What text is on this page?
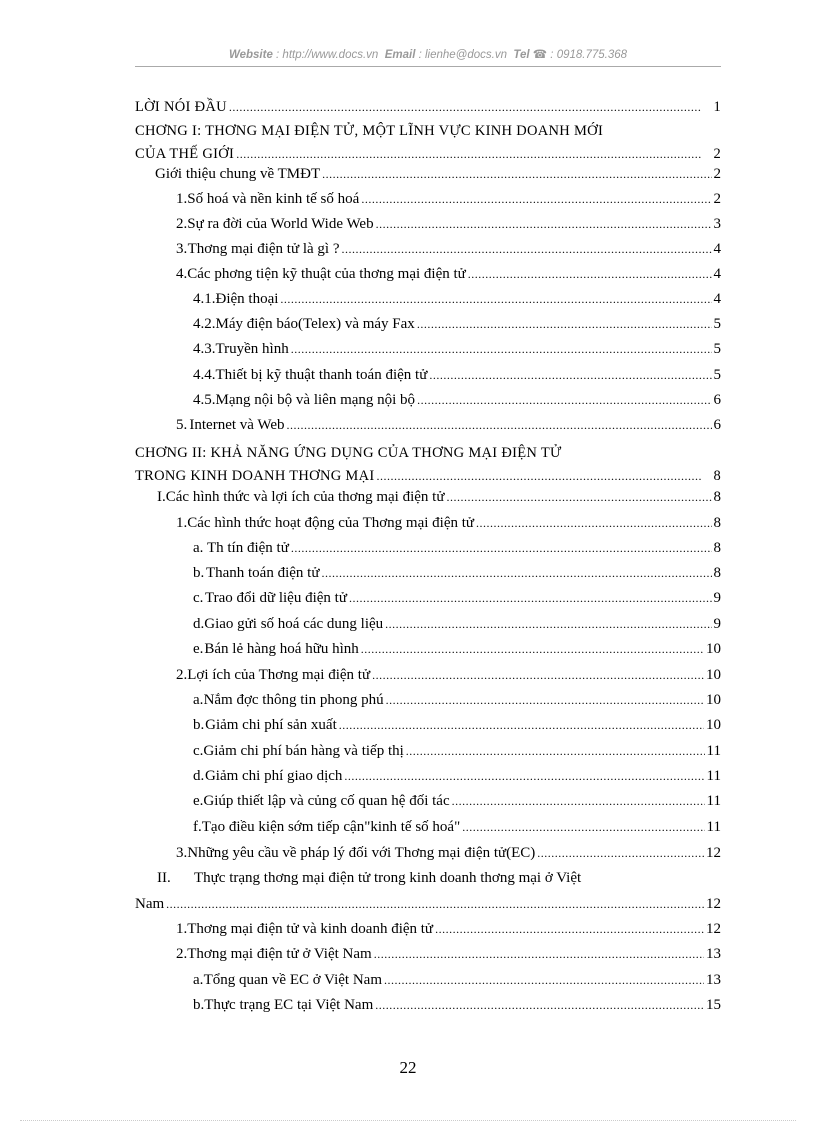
Website : http://www.docs.vn Email : lienhe@docs.vn Tel ☎ : 0918.775.368
LỜI NÓI ĐẦU .....	1
CHƠNG I: THƠNG MẠI ĐIỆN TỬ, MỘT LĨNH VỰC KINH DOANH MỚI
CỦA THẾ GIỚI .....	2
Giới thiệu chung về TMĐT .....	2
1. Số hoá và nền kinh tế số hoá .....	2
2. Sự ra đời của World Wide Web .....	3
3. Thơng mại điện tử là gì ? .....	4
4. Các phơng tiện kỹ thuật của thơng mại điện tử .....	4
4.1. Điện thoại .....	4
4.2. Máy điện báo(Telex) và máy Fax .....	5
4.3. Truyền hình .....	5
4.4. Thiết bị kỹ thuật thanh toán điện tử .....	5
4.5. Mạng nội bộ và liên mạng nội bộ .....	6
5. Internet và Web .....	6
CHƠNG II: KHẢ NĂNG ỨNG DỤNG CỦA THƠNG MẠI ĐIỆN TỬ
TRONG KINH DOANH THƠNG MẠI .....	8
I. Các hình thức và lợi ích của thơng mại điện tử .....	8
1. Các hình thức hoạt động của Thơng mại điện tử .....	8
a. Th tín điện tử .....	8
b. Thanh toán điện tử .....	8
c. Trao đổi dữ liệu điện tử .....	9
d. Giao gửi số hoá các dung liệu .....	9
e. Bán lẻ hàng hoá hữu hình .....	10
2. Lợi ích của Thơng mại điện tử .....	10
a. Nắm đợc thông tin phong phú .....	10
b. Giảm chi phí sản xuất .....	10
c. Giảm chi phí bán hàng và tiếp thị .....	11
d. Giảm chi phí giao dịch .....	11
e. Giúp thiết lập và củng cố quan hệ đối tác .....	11
f. Tạo điều kiện sớm tiếp cận"kinh tế số hoá" .....	11
3. Những yêu cầu về pháp lý đối với Thơng mại điện tử(EC) .....	12
II.	Thực trạng thơng mại điện tử trong kinh doanh thơng mại ở Việt
Nam .....	12
1. Thơng mại điện tử và kinh doanh điện tử .....	12
2. Thơng mại điện tử ở Việt Nam .....	13
a. Tổng quan về EC ở Việt Nam .....	13
b. Thực trạng EC tại Việt Nam .....	15
22
